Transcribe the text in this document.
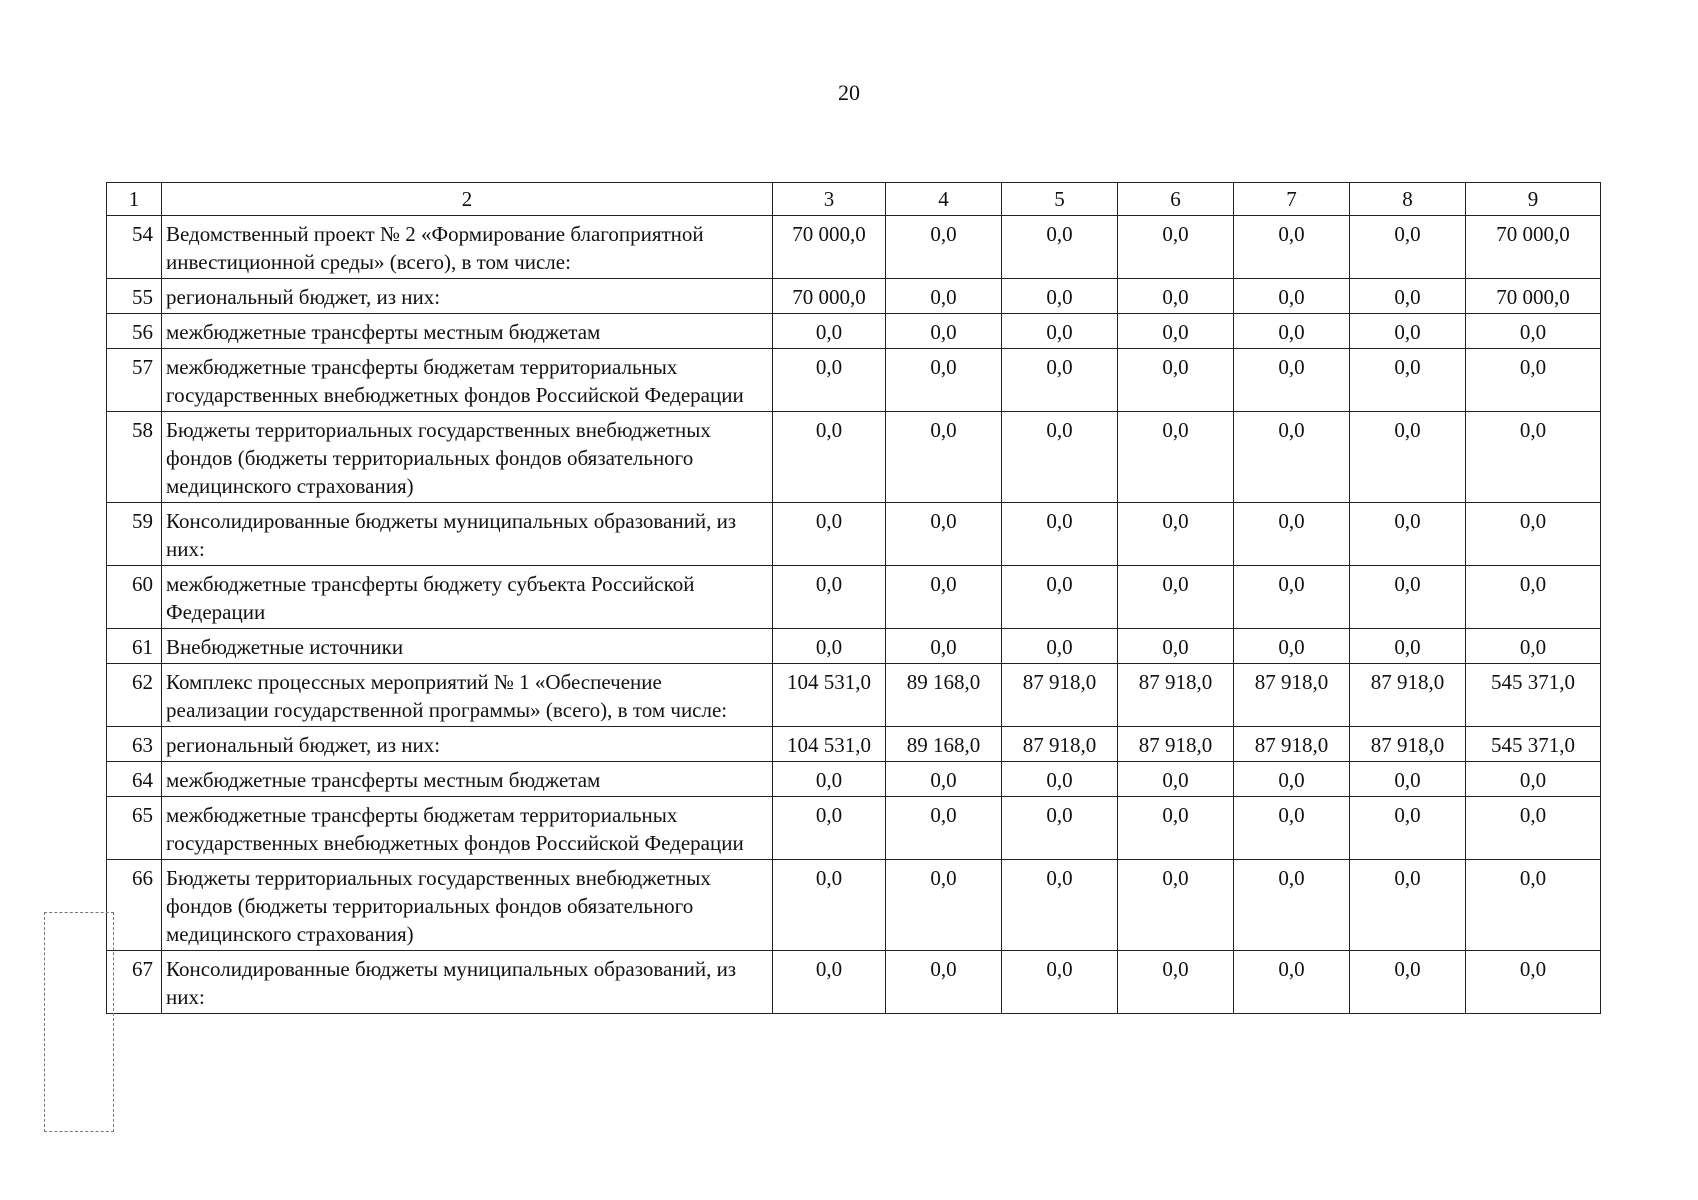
20
1	2	3	4	5	6	7	8	9
54	Ведомственный проект № 2 «Формирование благоприятной инвестиционной среды» (всего), в том числе:	70 000,0	0,0	0,0	0,0	0,0	0,0	70 000,0
55	региональный бюджет, из них:	70 000,0	0,0	0,0	0,0	0,0	0,0	70 000,0
56	межбюджетные трансферты местным бюджетам	0,0	0,0	0,0	0,0	0,0	0,0	0,0
57	межбюджетные трансферты бюджетам территориальных государственных внебюджетных фондов Российской Федерации	0,0	0,0	0,0	0,0	0,0	0,0	0,0
58	Бюджеты территориальных государственных внебюджетных фондов (бюджеты территориальных фондов обязательного медицинского страхования)	0,0	0,0	0,0	0,0	0,0	0,0	0,0
59	Консолидированные бюджеты муниципальных образований, из них:	0,0	0,0	0,0	0,0	0,0	0,0	0,0
60	межбюджетные трансферты бюджету субъекта Российской Федерации	0,0	0,0	0,0	0,0	0,0	0,0	0,0
61	Внебюджетные источники	0,0	0,0	0,0	0,0	0,0	0,0	0,0
62	Комплекс процессных мероприятий № 1 «Обеспечение реализации государственной программы» (всего), в том числе:	104 531,0	89 168,0	87 918,0	87 918,0	87 918,0	87 918,0	545 371,0
63	региональный бюджет, из них:	104 531,0	89 168,0	87 918,0	87 918,0	87 918,0	87 918,0	545 371,0
64	межбюджетные трансферты местным бюджетам	0,0	0,0	0,0	0,0	0,0	0,0	0,0
65	межбюджетные трансферты бюджетам территориальных государственных внебюджетных фондов Российской Федерации	0,0	0,0	0,0	0,0	0,0	0,0	0,0
66	Бюджеты территориальных государственных внебюджетных фондов (бюджеты территориальных фондов обязательного медицинского страхования)	0,0	0,0	0,0	0,0	0,0	0,0	0,0
67	Консолидированные бюджеты муниципальных образований, из них:	0,0	0,0	0,0	0,0	0,0	0,0	0,0
